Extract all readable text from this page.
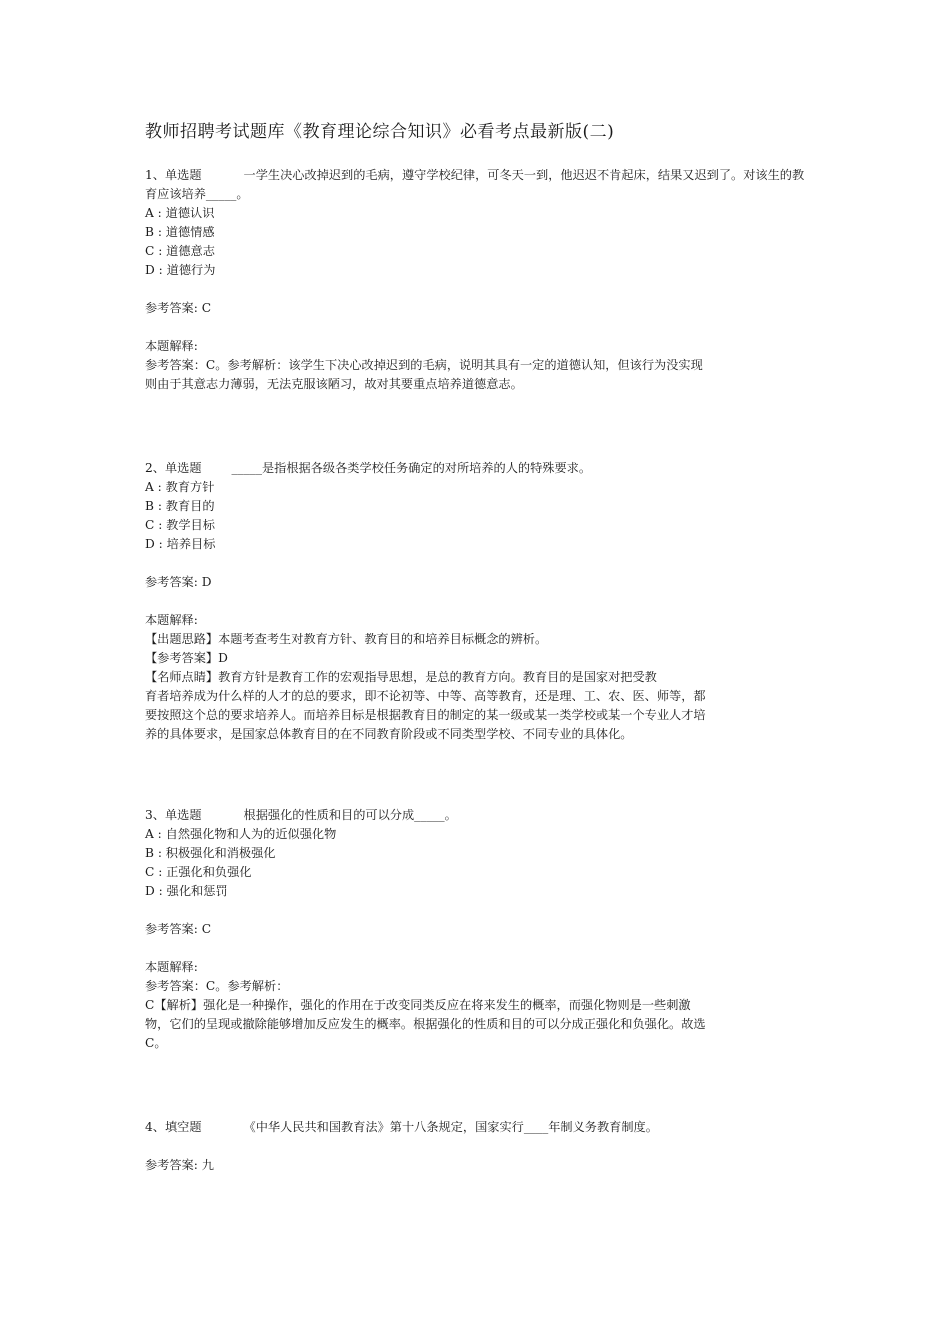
教师招聘考试题库《教育理论综合知识》必看考点最新版(二)

1、单选题	一学生决心改掉迟到的毛病，遵守学校纪律，可冬天一到，他迟迟不肯起床，结果又迟到了。对该生的教育应该培养_____。

A : 道德认识

B : 道德情感

C : 道德意志

D : 道德行为

参考答案: C

本题解释:

参考答案：C。参考解析：该学生下决心改掉迟到的毛病，说明其具有一定的道德认知，但该行为没实现

则由于其意志力薄弱，无法克服该陋习，故对其要重点培养道德意志。

2、单选题 _____是指根据各级各类学校任务确定的对所培养的人的特殊要求。

A : 教育方针

B : 教育目的

C : 教学目标

D : 培养目标

参考答案: D

本题解释:

【出题思路】本题考查考生对教育方针、教育目的和培养目标概念的辨析。

【参考答案】D

【名师点睛】教育方针是教育工作的宏观指导思想，是总的教育方向。教育目的是国家对把受教

育者培养成为什么样的人才的总的要求，即不论初等、中等、高等教育，还是理、工、农、医、师等，都

要按照这个总的要求培养人。而培养目标是根据教育目的制定的某一级或某一类学校或某一个专业人才培

养的具体要求，是国家总体教育目的在不同教育阶段或不同类型学校、不同专业的具体化。

3、单选题	根据强化的性质和目的可以分成_____。

A : 自然强化物和人为的近似强化物

B : 积极强化和消极强化

C : 正强化和负强化

D : 强化和惩罚

参考答案: C

本题解释:

参考答案：C。参考解析：

C【解析】强化是一种操作，强化的作用在于改变同类反应在将来发生的概率，而强化物则是一些刺激

物，它们的呈现或撤除能够增加反应发生的概率。根据强化的性质和目的可以分成正强化和负强化。故选

C。

4、填空题	《中华人民共和国教育法》第十八条规定，国家实行____年制义务教育制度。

参考答案: 九
